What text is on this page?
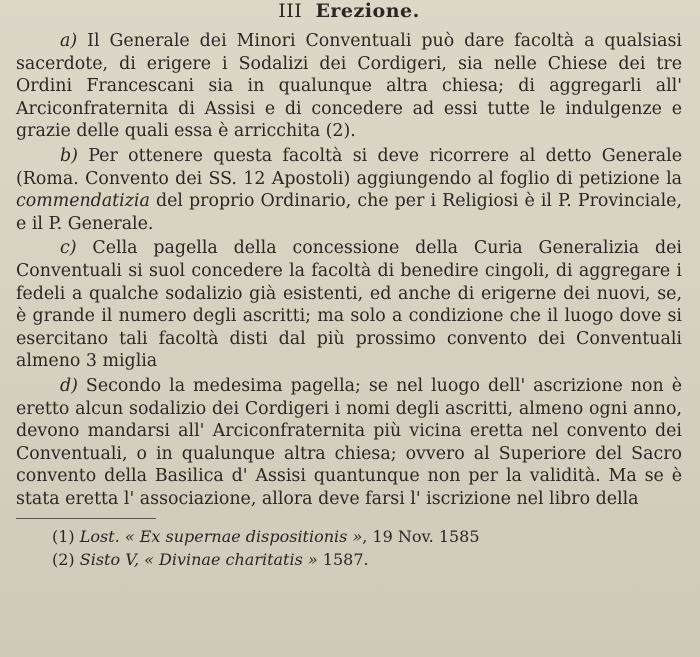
III Erezione.

a) Il Generale dei Minori Conventuali può dare facoltà a qualsiasi sacerdote, di erigere i Sodalizi dei Cordigeri, sia nelle Chiese dei tre Ordini Francescani sia in qualunque altra chiesa; di aggregarli all' Arciconfraternita di Assisi e di concedere ad essi tutte le indulgenze e grazie delle quali essa è arricchita (2).

b) Per ottenere questa facoltà si deve ricorrere al detto Generale (Roma. Convento dei SS. 12 Apostoli) aggiungendo al foglio di petizione la commendatizia del proprio Ordinario, che per i Religiosi è il P. Provinciale, e il P. Generale.

c) Cella pagella della concessione della Curia Generalizia dei Conventuali si suol concedere la facoltà di benedire cingoli, di aggregare i fedeli a qualche sodalizio già esistenti, ed anche di erigerne dei nuovi, se, è grande il numero degli ascritti; ma solo a condizione che il luogo dove si esercitano tali facoltà disti dal più prossimo convento dei Conventuali almeno 3 miglia

d) Secondo la medesima pagella; se nel luogo dell' ascrizione non è eretto alcun sodalizio dei Cordigeri i nomi degli ascritti, almeno ogni anno, devono mandarsi all' Arciconfraternita più vicina eretta nel convento dei Conventuali, o in qualunque altra chiesa; ovvero al Superiore del Sacro convento della Basilica d' Assisi quantunque non per la validità. Ma se è stata eretta l' associazione, allora deve farsi l' iscrizione nel libro della

(1) Lost. « Ex supernae dispositionis », 19 Nov. 1585

(2) Sisto V, « Divinae charitatis » 1587.
